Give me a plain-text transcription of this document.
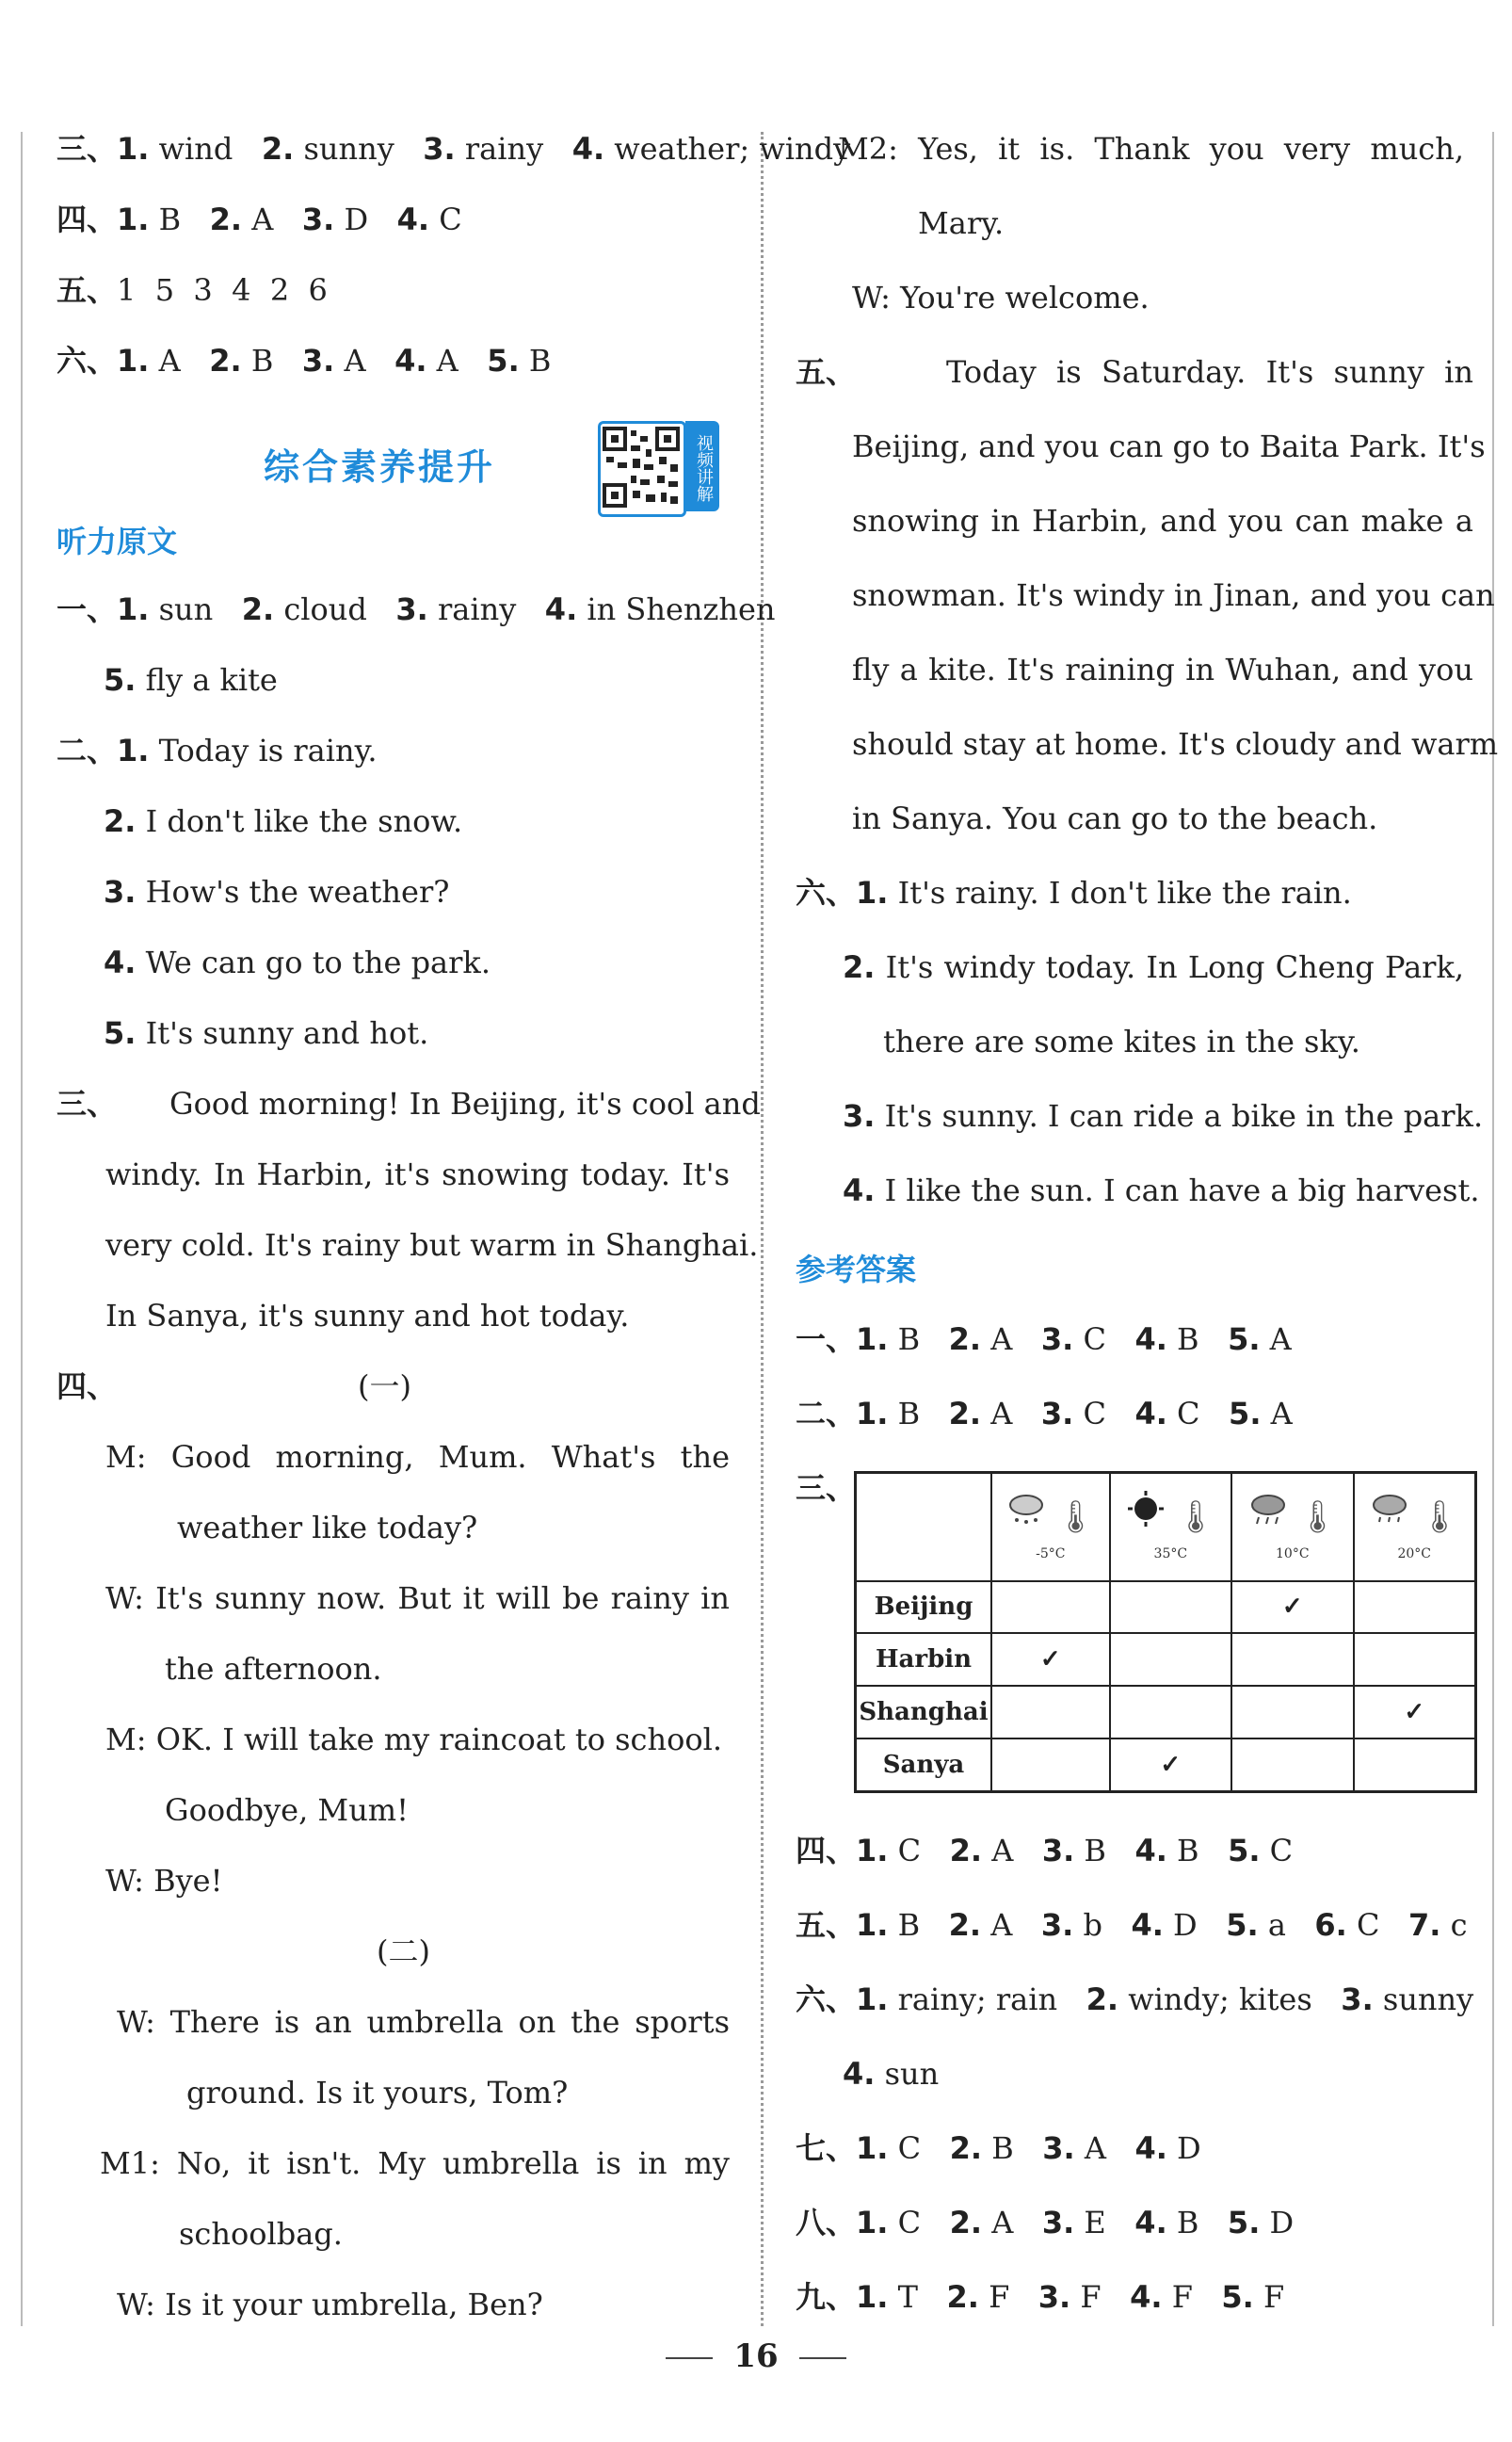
三、1. wind 2. sunny 3. rainy 4. weather; windy
四、1. B 2. A 3. D 4. C
五、1  5  3  4  2  6
六、1. A 2. B 3. A 4. A 5. B
综合素养提升	视频讲解
听力原文
一、1. sun 2. cloud 3. rainy 4. in Shenzhen
5. fly a kite
二、1. Today is rainy.
2. I don't like the snow.
3. How's the weather?
4. We can go to the park.
5. It's sunny and hot.
三、 Good morning! In Beijing, it's cool and
windy. In Harbin, it's snowing today. It's
very cold. It's rainy but warm in Shanghai.
In Sanya, it's sunny and hot today.
四、	(一)
M: Good morning, Mum. What's the
weather like today?
W: It's sunny now. But it will be rainy in
the afternoon.
M: OK. I will take my raincoat to school.
Goodbye, Mum!
W: Bye!
(二)
W: There is an umbrella on the sports
ground. Is it yours, Tom?
M1: No, it isn't. My umbrella is in my
schoolbag.
W: Is it your umbrella, Ben?
M2: Yes, it is. Thank you very much,
Mary.
W: You're welcome.
五、	Today is Saturday. It's sunny in
Beijing, and you can go to Baita Park. It's
snowing in Harbin, and you can make a
snowman. It's windy in Jinan, and you can
fly a kite. It's raining in Wuhan, and you
should stay at home. It's cloudy and warm
in Sanya. You can go to the beach.
六、1. It's rainy. I don't like the rain.
2. It's windy today. In Long Cheng Park,
there are some kites in the sky.
3. It's sunny. I can ride a bike in the park.
4. I like the sun. I can have a big harvest.
参考答案
一、1. B 2. A 3. C 4. B 5. A
二、1. B 2. A 3. C 4. C 5. A
三、
	🌡-5°C	🌡35°C	🌡10°C	🌡20°C
Beijing			✓	
Harbin	✓			
Shanghai				✓
Sanya		✓		
四、1. C 2. A 3. B 4. B 5. C
五、1. B 2. A 3. b 4. D 5. a 6. C 7. c
六、1. rainy; rain 2. windy; kites 3. sunny
4. sun
七、1. C 2. B 3. A 4. D
八、1. C 2. A 3. E 4. B 5. D
九、1. T 2. F 3. F 4. F 5. F
16
